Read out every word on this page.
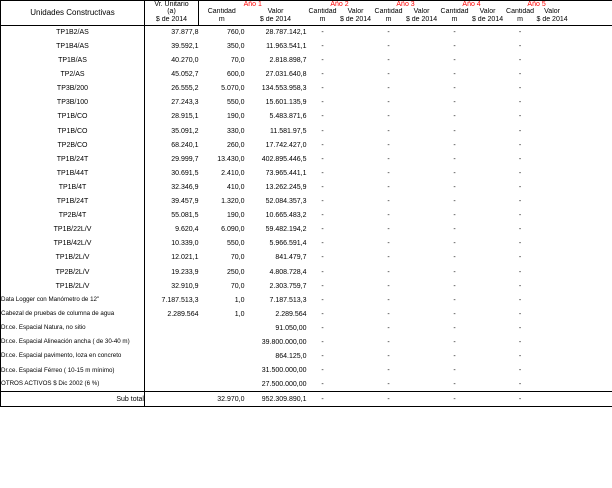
Unidades Constructivas	Vr. Unitario	Año 1		Año 2		Año 3		Año 4		Año 5			
	(a)	Cantidad	Valor	Cantidad	Valor	Cantidad	Valor	Cantidad	Valor	Cantidad	Valor		
	$ de 2014	m	$ de 2014	m	$ de 2014	m	$ de 2014	m	$ de 2014	m	$ de 2014		

TP1B2/AS	37.877,8	760,0	28.787.142,1	-		-		-		-			
TP1B4/AS	39.592,1	350,0	11.963.541,1	-		-		-		-			
TP1B/AS	40.270,0	70,0	2.818.898,7	-		-		-		-			
TP2/AS	45.052,7	600,0	27.031.640,8	-		-		-		-			
TP3B/200	26.555,2	5.070,0	134.553.958,3	-		-		-		-			
TP3B/100	27.243,3	550,0	15.601.135,9	-		-		-		-			
TP1B/CO	28.915,1	190,0	5.483.871,6	-		-		-		-			
TP1B/CO	35.091,2	330,0	11.581.97,5	-		-		-		-			
TP2B/CO	68.240,1	260,0	17.742.427,0	-		-		-		-			
TP1B/24T	29.999,7	13.430,0	402.895.446,5	-		-		-		-			
TP1B/44T	30.691,5	2.410,0	73.965.441,1	-		-		-		-			
TP1B/4T	32.346,9	410,0	13.262.245,9	-		-		-		-			
TP1B/24T	39.457,9	1.320,0	52.084.357,3	-		-		-		-			
TP2B/4T	55.081,5	190,0	10.665.483,2	-		-		-		-			
TP1B/22L/V	9.620,4	6.090,0	59.482.194,2	-		-		-		-			
TP1B/42L/V	10.339,0	550,0	5.966.591,4	-		-		-		-			
TP1B/2L/V	12.021,1	70,0	841.479,7	-		-		-		-			
TP2B/2L/V	19.233,9	250,0	4.808.728,4	-		-		-		-			
TP1B/2L/V	32.910,9	70,0	2.303.759,7	-		-		-		-			
Data Logger con Manómetro de 12"	7.187.513,3	1,0	7.187.513,3	-		-		-		-			
Cabezal de pruebas de columna de agua	2.289.564	1,0	2.289.564	-		-		-		-			
Dr.ce. Espacial Natura, no sitio			91.050,00	-		-		-		-			
Dr.ce. Espacial Alineación ancha ( de 30-40 m)			39.800.000,00	-		-		-		-			
Dr.ce. Espacial pavimento, loza en concreto			864.125,0	-		-		-		-			
Dr.ce. Espacial Férreo ( 10-15 m mínimo)			31.500.000,00	-		-		-		-			
OTROS ACTIVOS $ Dic 2002 (6 %)			27.500.000,00	-		-		-		-			
Sub total		32.970,0	952.309.890,1	-		-		-		-			
